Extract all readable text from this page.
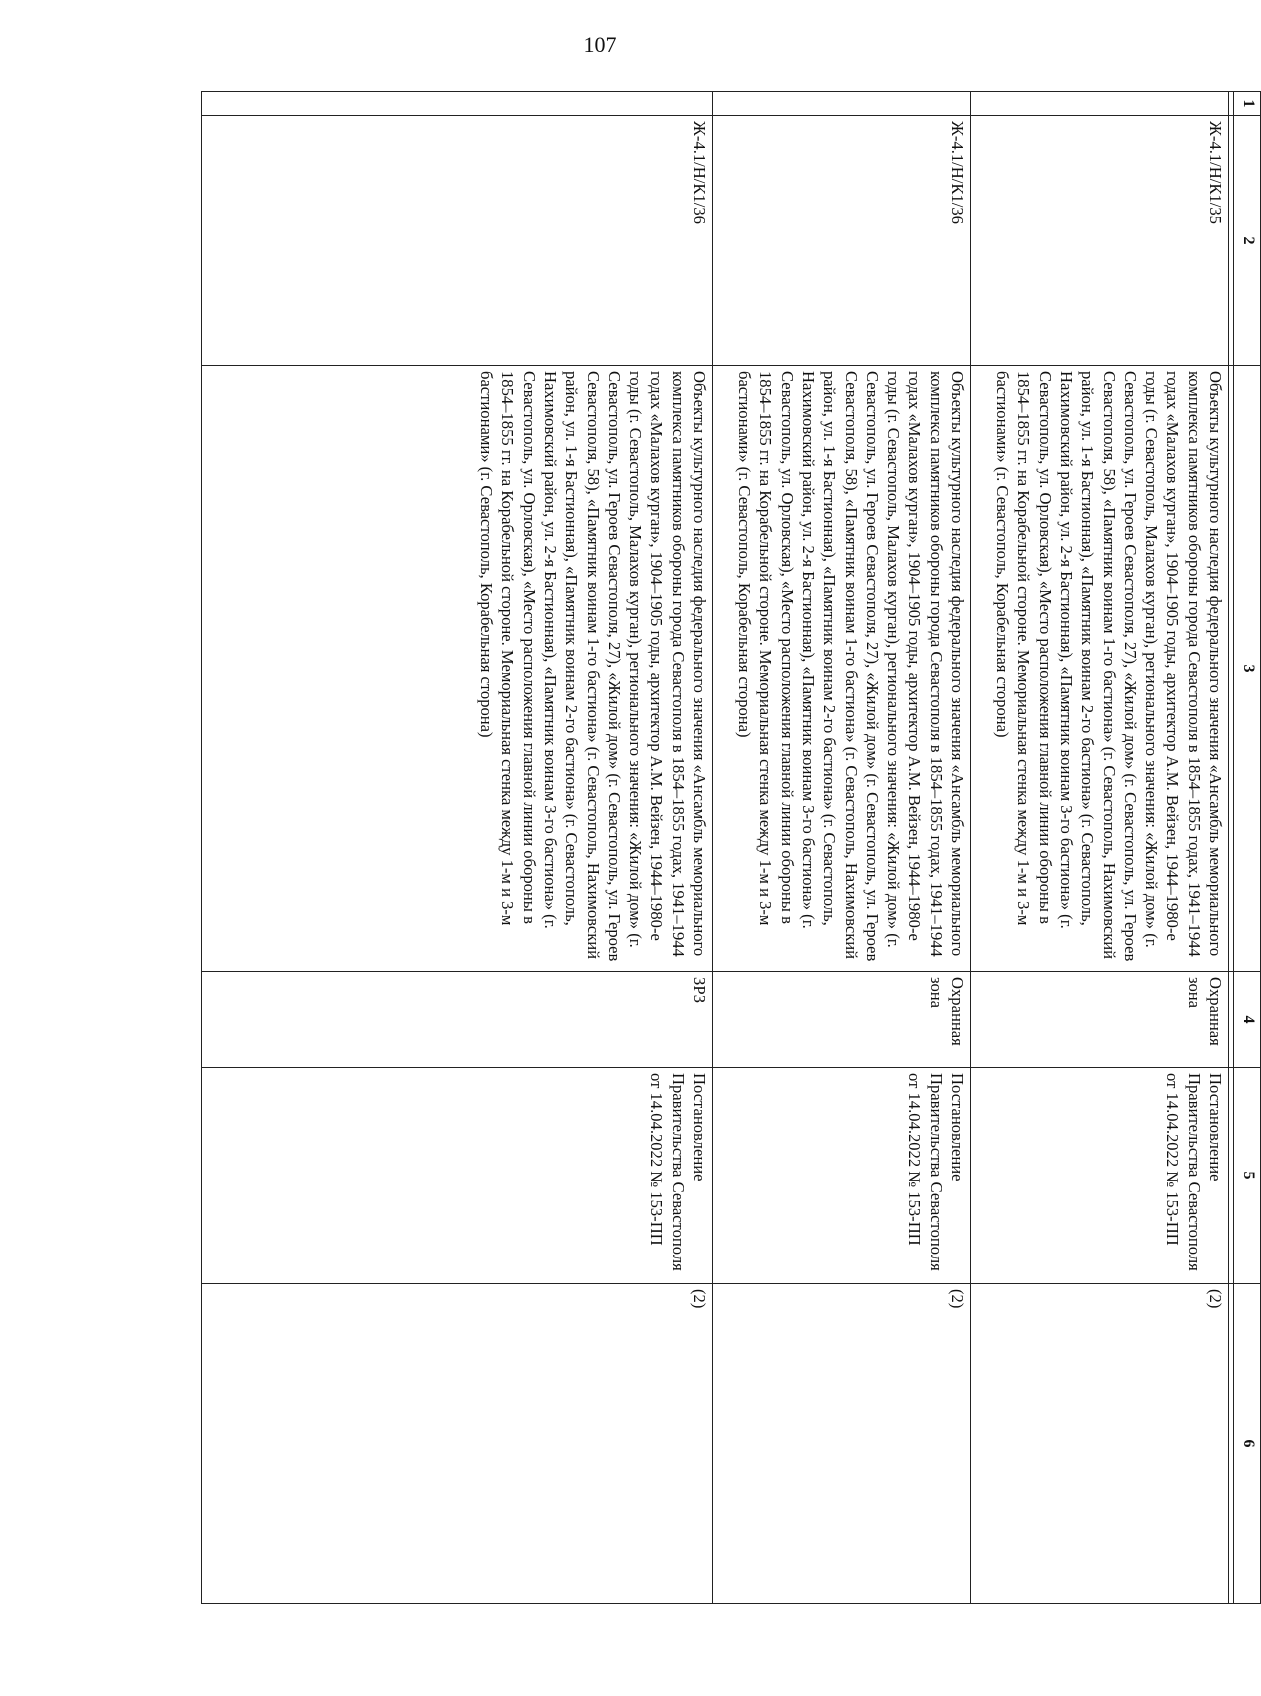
107
1	2	3	4	5	6

	Ж-4.1/Н/К1/35	Объекты культурного наследия федерального значения «Ансамбль мемориального комплекса памятников обороны города Севастополя в 1854–1855 годах, 1941–1944 годах «Малахов курган», 1904–1905 годы, архитектор А.М. Вейзен, 1944–1980-е годы (г. Севастополь, Малахов курган), регионального значения: «Жилой дом» (г. Севастополь, ул. Героев Севастополя, 27), «Жилой дом» (г. Севастополь, ул. Героев Севастополя, 58), «Памятник воинам 1-го бастиона» (г. Севастополь, Нахимовский район, ул. 1-я Бастионная), «Памятник воинам 2-го бастиона» (г. Севастополь, Нахимовский район, ул. 2-я Бастионная), «Памятник воинам 3-го бастиона» (г. Севастополь, ул. Орловская), «Место расположения главной линии обороны в 1854–1855 гг. на Корабельной стороне. Мемориальная стенка между 1-м и 3-м бастионами» (г. Севастополь, Корабельная сторона)	Охранная зона	Постановление Правительства Севастополя от 14.04.2022 № 153-ПП	(2)
	Ж-4.1/Н/К1/36	Объекты культурного наследия федерального значения «Ансамбль мемориального комплекса памятников обороны города Севастополя в 1854–1855 годах, 1941–1944 годах «Малахов курган», 1904–1905 годы, архитектор А.М. Вейзен, 1944–1980-е годы (г. Севастополь, Малахов курган), регионального значения: «Жилой дом» (г. Севастополь, ул. Героев Севастополя, 27), «Жилой дом» (г. Севастополь, ул. Героев Севастополя, 58), «Памятник воинам 1-го бастиона» (г. Севастополь, Нахимовский район, ул. 1-я Бастионная), «Памятник воинам 2-го бастиона» (г. Севастополь, Нахимовский район, ул. 2-я Бастионная), «Памятник воинам 3-го бастиона» (г. Севастополь, ул. Орловская), «Место расположения главной линии обороны в 1854–1855 гг. на Корабельной стороне. Мемориальная стенка между 1-м и 3-м бастионами» (г. Севастополь, Корабельная сторона)	Охранная зона	Постановление Правительства Севастополя от 14.04.2022 № 153-ПП	(2)
	Ж-4.1/Н/К1/36	Объекты культурного наследия федерального значения «Ансамбль мемориального комплекса памятников обороны города Севастополя в 1854–1855 годах, 1941–1944 годах «Малахов курган», 1904–1905 годы, архитектор А.М. Вейзен, 1944–1980-е годы (г. Севастополь, Малахов курган), регионального значения: «Жилой дом» (г. Севастополь, ул. Героев Севастополя, 27), «Жилой дом» (г. Севастополь, ул. Героев Севастополя, 58), «Памятник воинам 1-го бастиона» (г. Севастополь, Нахимовский район, ул. 1-я Бастионная), «Памятник воинам 2-го бастиона» (г. Севастополь, Нахимовский район, ул. 2-я Бастионная), «Памятник воинам 3-го бастиона» (г. Севастополь, ул. Орловская), «Место расположения главной линии обороны в 1854–1855 гг. на Корабельной стороне. Мемориальная стенка между 1-м и 3-м бастионами» (г. Севастополь, Корабельная сторона)	ЗРЗ	Постановление Правительства Севастополя от 14.04.2022 № 153-ПП	(2)
